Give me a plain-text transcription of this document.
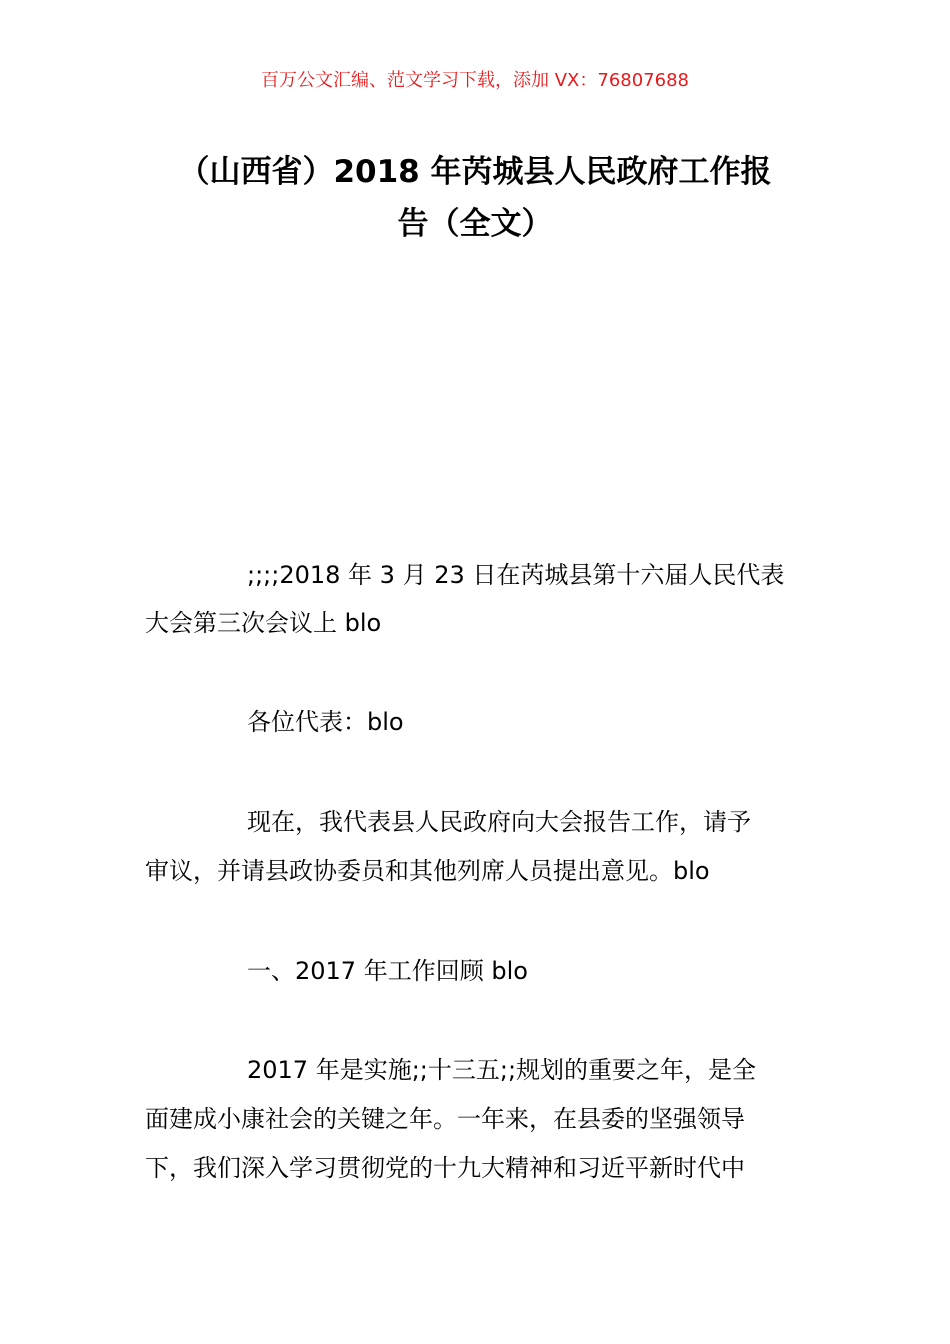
百万公文汇编、范文学习下载，添加 VX：76807688
（山西省）2018 年芮城县人民政府工作报
告（全文）
;;;;2018 年 3 月 23 日在芮城县第十六届人民代表
大会第三次会议上 blo
各位代表：blo
现在，我代表县人民政府向大会报告工作，请予
审议，并请县政协委员和其他列席人员提出意见。blo
一、2017 年工作回顾 blo
2017 年是实施;;十三五;;规划的重要之年，是全
面建成小康社会的关键之年。一年来，在县委的坚强领导
下，我们深入学习贯彻党的十九大精神和习近平新时代中
